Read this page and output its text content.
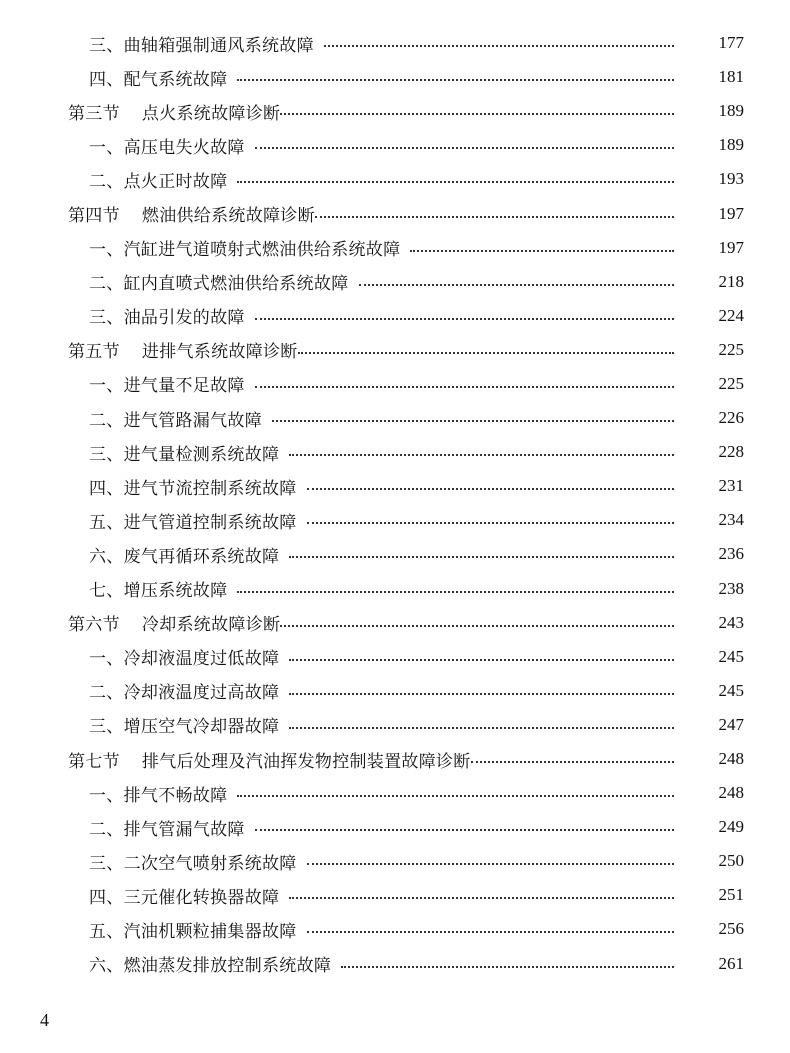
三、曲轴箱强制通风系统故障	177
四、配气系统故障	181
第三节 点火系统故障诊断	189
一、高压电失火故障	189
二、点火正时故障	193
第四节 燃油供给系统故障诊断	197
一、汽缸进气道喷射式燃油供给系统故障	197
二、缸内直喷式燃油供给系统故障	218
三、油品引发的故障	224
第五节 进排气系统故障诊断	225
一、进气量不足故障	225
二、进气管路漏气故障	226
三、进气量检测系统故障	228
四、进气节流控制系统故障	231
五、进气管道控制系统故障	234
六、废气再循环系统故障	236
七、增压系统故障	238
第六节 冷却系统故障诊断	243
一、冷却液温度过低故障	245
二、冷却液温度过高故障	245
三、增压空气冷却器故障	247
第七节 排气后处理及汽油挥发物控制装置故障诊断	248
一、排气不畅故障	248
二、排气管漏气故障	249
三、二次空气喷射系统故障	250
四、三元催化转换器故障	251
五、汽油机颗粒捕集器故障	256
六、燃油蒸发排放控制系统故障	261
4
